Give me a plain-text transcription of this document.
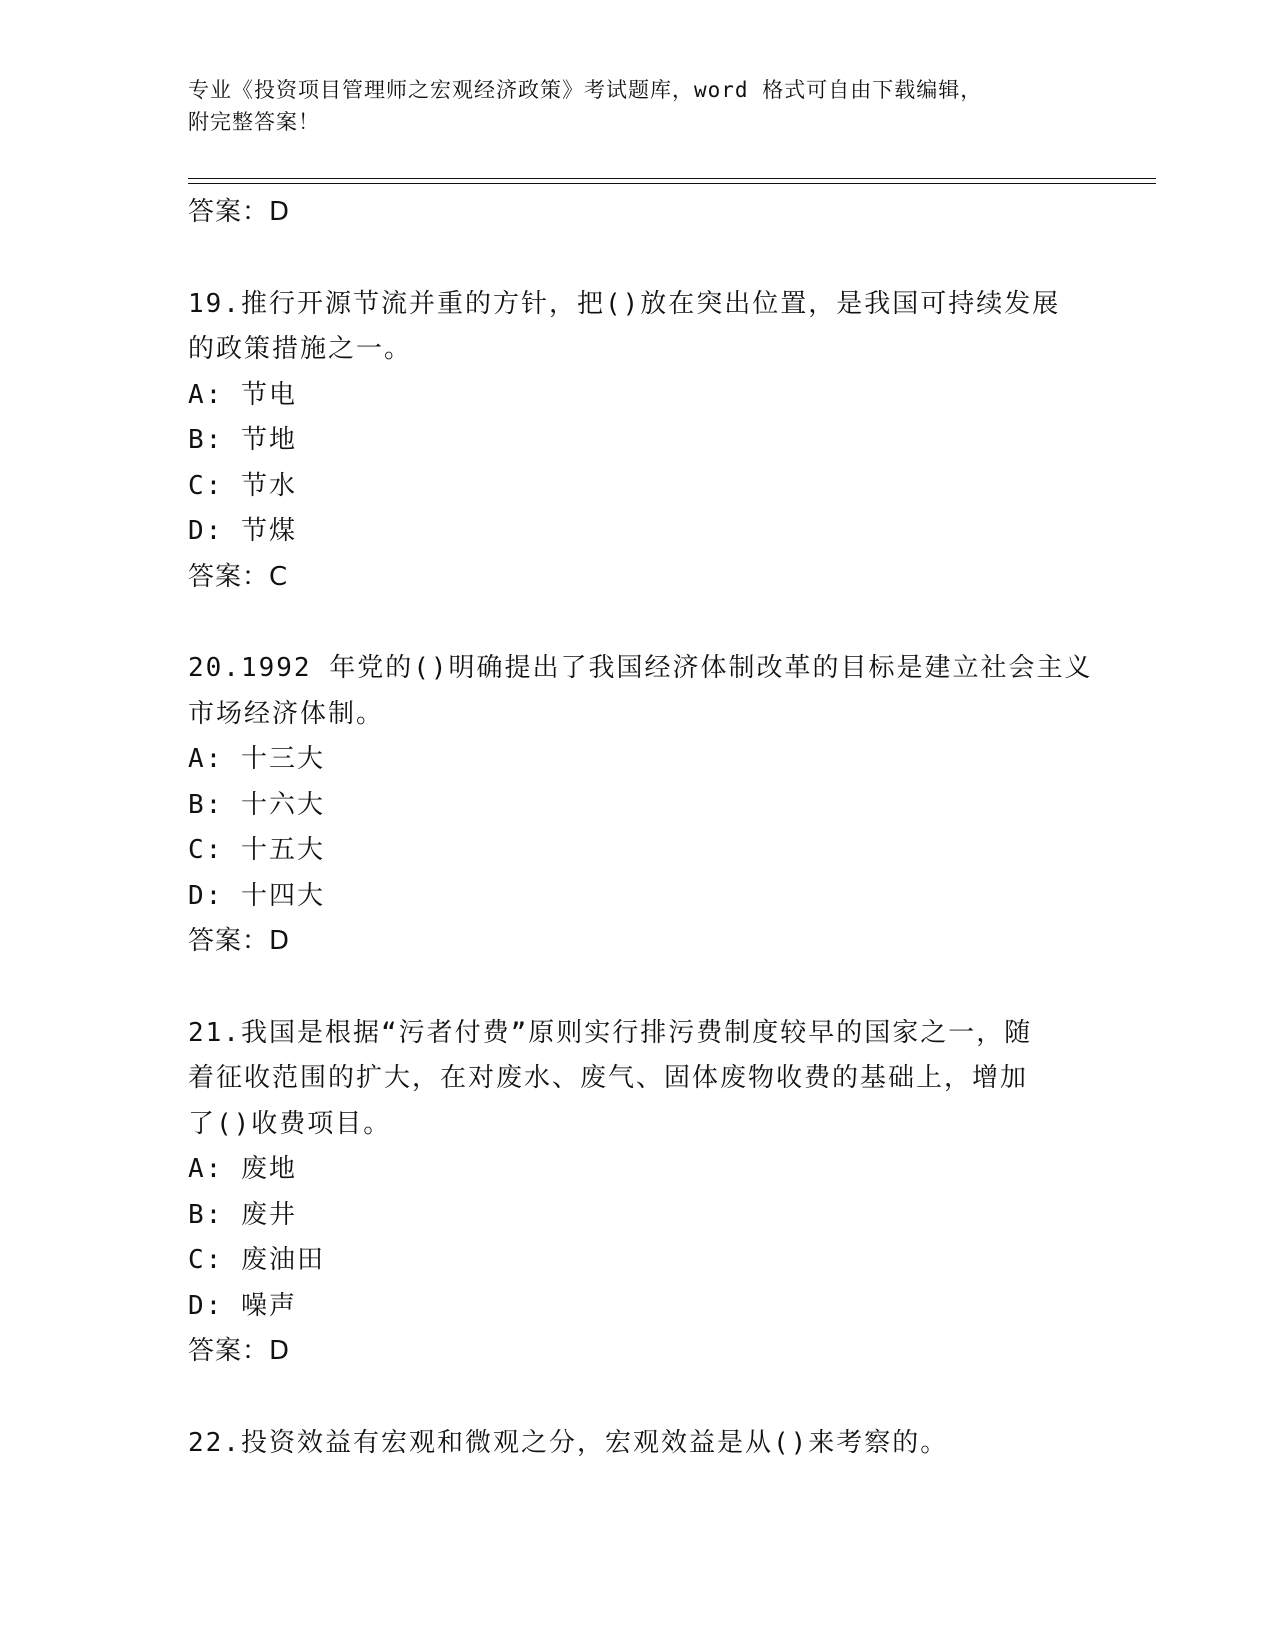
专业《投资项目管理师之宏观经济政策》考试题库，word 格式可自由下载编辑，
附完整答案！
答案：D
19.推行开源节流并重的方针，把()放在突出位置，是我国可持续发展
的政策措施之一。
A: 节电
B: 节地
C: 节水
D: 节煤
答案：C
20.1992 年党的()明确提出了我国经济体制改革的目标是建立社会主义
市场经济体制。
A: 十三大
B: 十六大
C: 十五大
D: 十四大
答案：D
21.我国是根据“污者付费”原则实行排污费制度较早的国家之一，随
着征收范围的扩大，在对废水、废气、固体废物收费的基础上，增加
了()收费项目。
A: 废地
B: 废井
C: 废油田
D: 噪声
答案：D
22.投资效益有宏观和微观之分，宏观效益是从()来考察的。
